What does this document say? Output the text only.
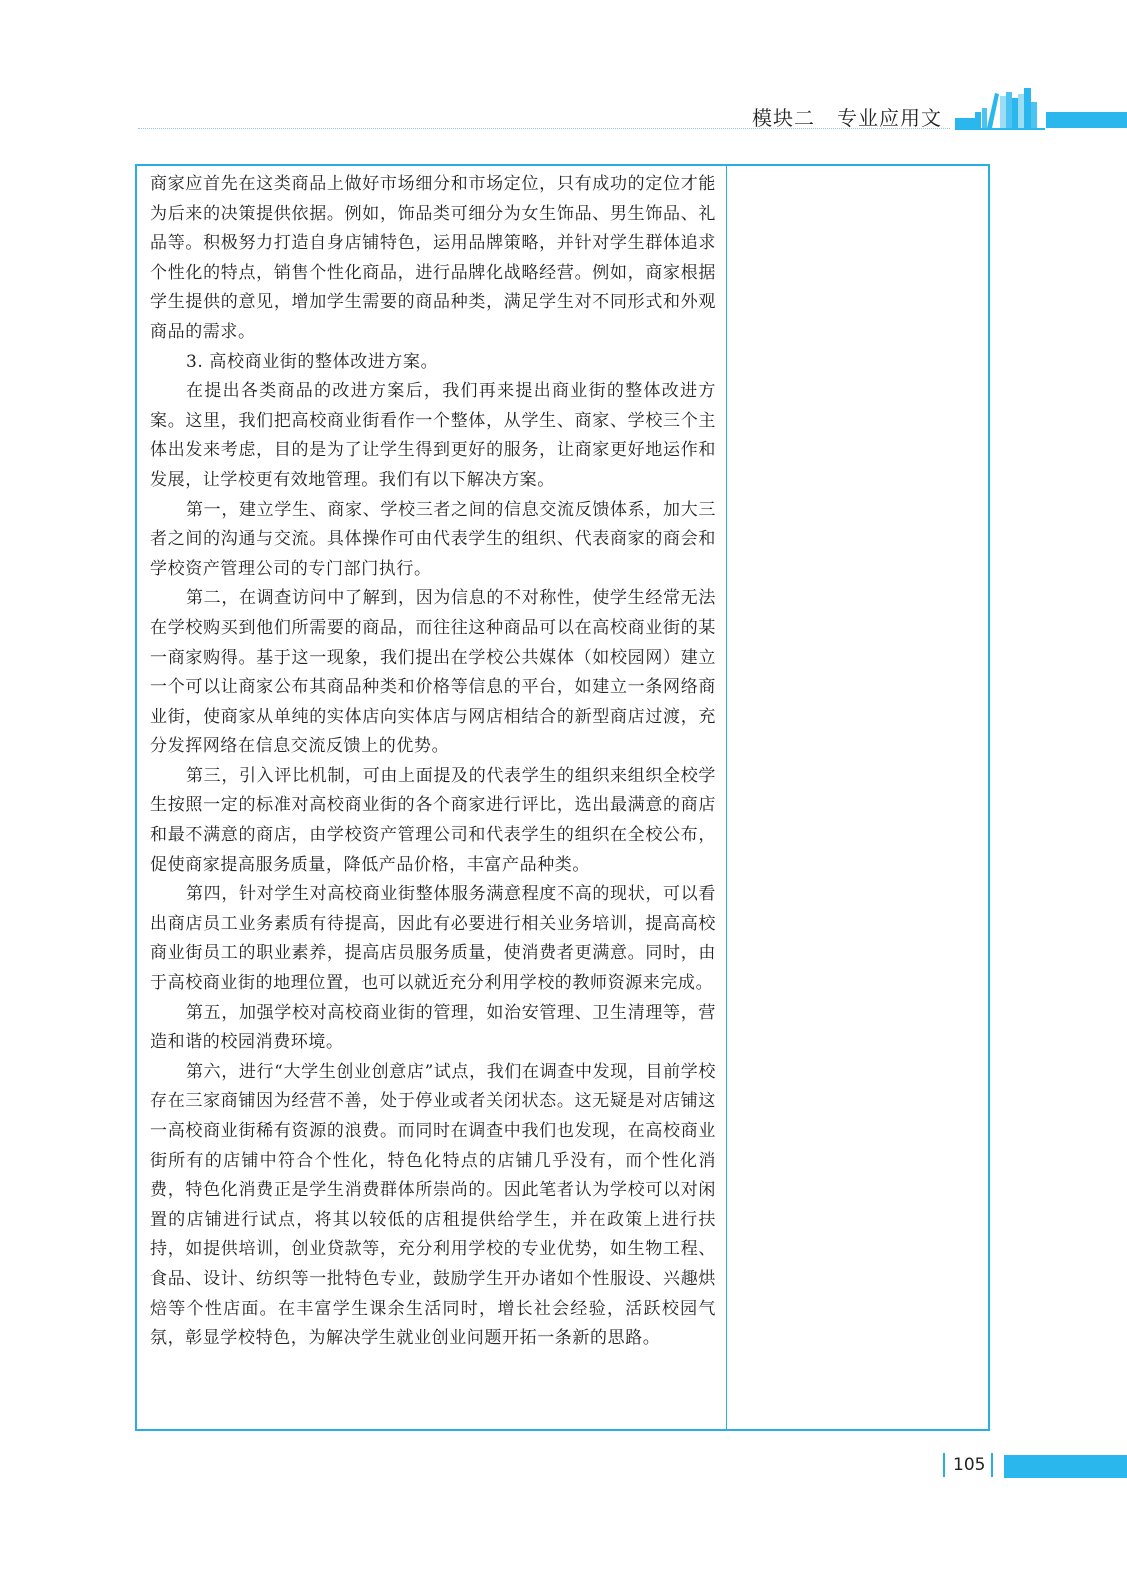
模块二 专业应用文

商家应首先在这类商品上做好市场细分和市场定位，只有成功的定位才能为后来的决策提供依据。例如，饰品类可细分为女生饰品、男生饰品、礼品等。积极努力打造自身店铺特色，运用品牌策略，并针对学生群体追求个性化的特点，销售个性化商品，进行品牌化战略经营。例如，商家根据学生提供的意见，增加学生需要的商品种类，满足学生对不同形式和外观商品的需求。

3. 高校商业街的整体改进方案。

在提出各类商品的改进方案后，我们再来提出商业街的整体改进方案。这里，我们把高校商业街看作一个整体，从学生、商家、学校三个主体出发来考虑，目的是为了让学生得到更好的服务，让商家更好地运作和发展，让学校更有效地管理。我们有以下解决方案。

第一，建立学生、商家、学校三者之间的信息交流反馈体系，加大三者之间的沟通与交流。具体操作可由代表学生的组织、代表商家的商会和学校资产管理公司的专门部门执行。

第二，在调查访问中了解到，因为信息的不对称性，使学生经常无法在学校购买到他们所需要的商品，而往往这种商品可以在高校商业街的某一商家购得。基于这一现象，我们提出在学校公共媒体（如校园网）建立一个可以让商家公布其商品种类和价格等信息的平台，如建立一条网络商业街，使商家从单纯的实体店向实体店与网店相结合的新型商店过渡，充分发挥网络在信息交流反馈上的优势。

第三，引入评比机制，可由上面提及的代表学生的组织来组织全校学生按照一定的标准对高校商业街的各个商家进行评比，选出最满意的商店和最不满意的商店，由学校资产管理公司和代表学生的组织在全校公布，促使商家提高服务质量，降低产品价格，丰富产品种类。

第四，针对学生对高校商业街整体服务满意程度不高的现状，可以看出商店员工业务素质有待提高，因此有必要进行相关业务培训，提高高校商业街员工的职业素养，提高店员服务质量，使消费者更满意。同时，由于高校商业街的地理位置，也可以就近充分利用学校的教师资源来完成。

第五，加强学校对高校商业街的管理，如治安管理、卫生清理等，营造和谐的校园消费环境。

第六，进行“大学生创业创意店”试点，我们在调查中发现，目前学校存在三家商铺因为经营不善，处于停业或者关闭状态。这无疑是对店铺这一高校商业街稀有资源的浪费。而同时在调查中我们也发现，在高校商业街所有的店铺中符合个性化，特色化特点的店铺几乎没有，而个性化消费，特色化消费正是学生消费群体所崇尚的。因此笔者认为学校可以对闲置的店铺进行试点，将其以较低的店租提供给学生，并在政策上进行扶持，如提供培训，创业贷款等，充分利用学校的专业优势，如生物工程、食品、设计、纺织等一批特色专业，鼓励学生开办诸如个性服设、兴趣烘焙等个性店面。在丰富学生课余生活同时，增长社会经验，活跃校园气氛，彰显学校特色，为解决学生就业创业问题开拓一条新的思路。

105
